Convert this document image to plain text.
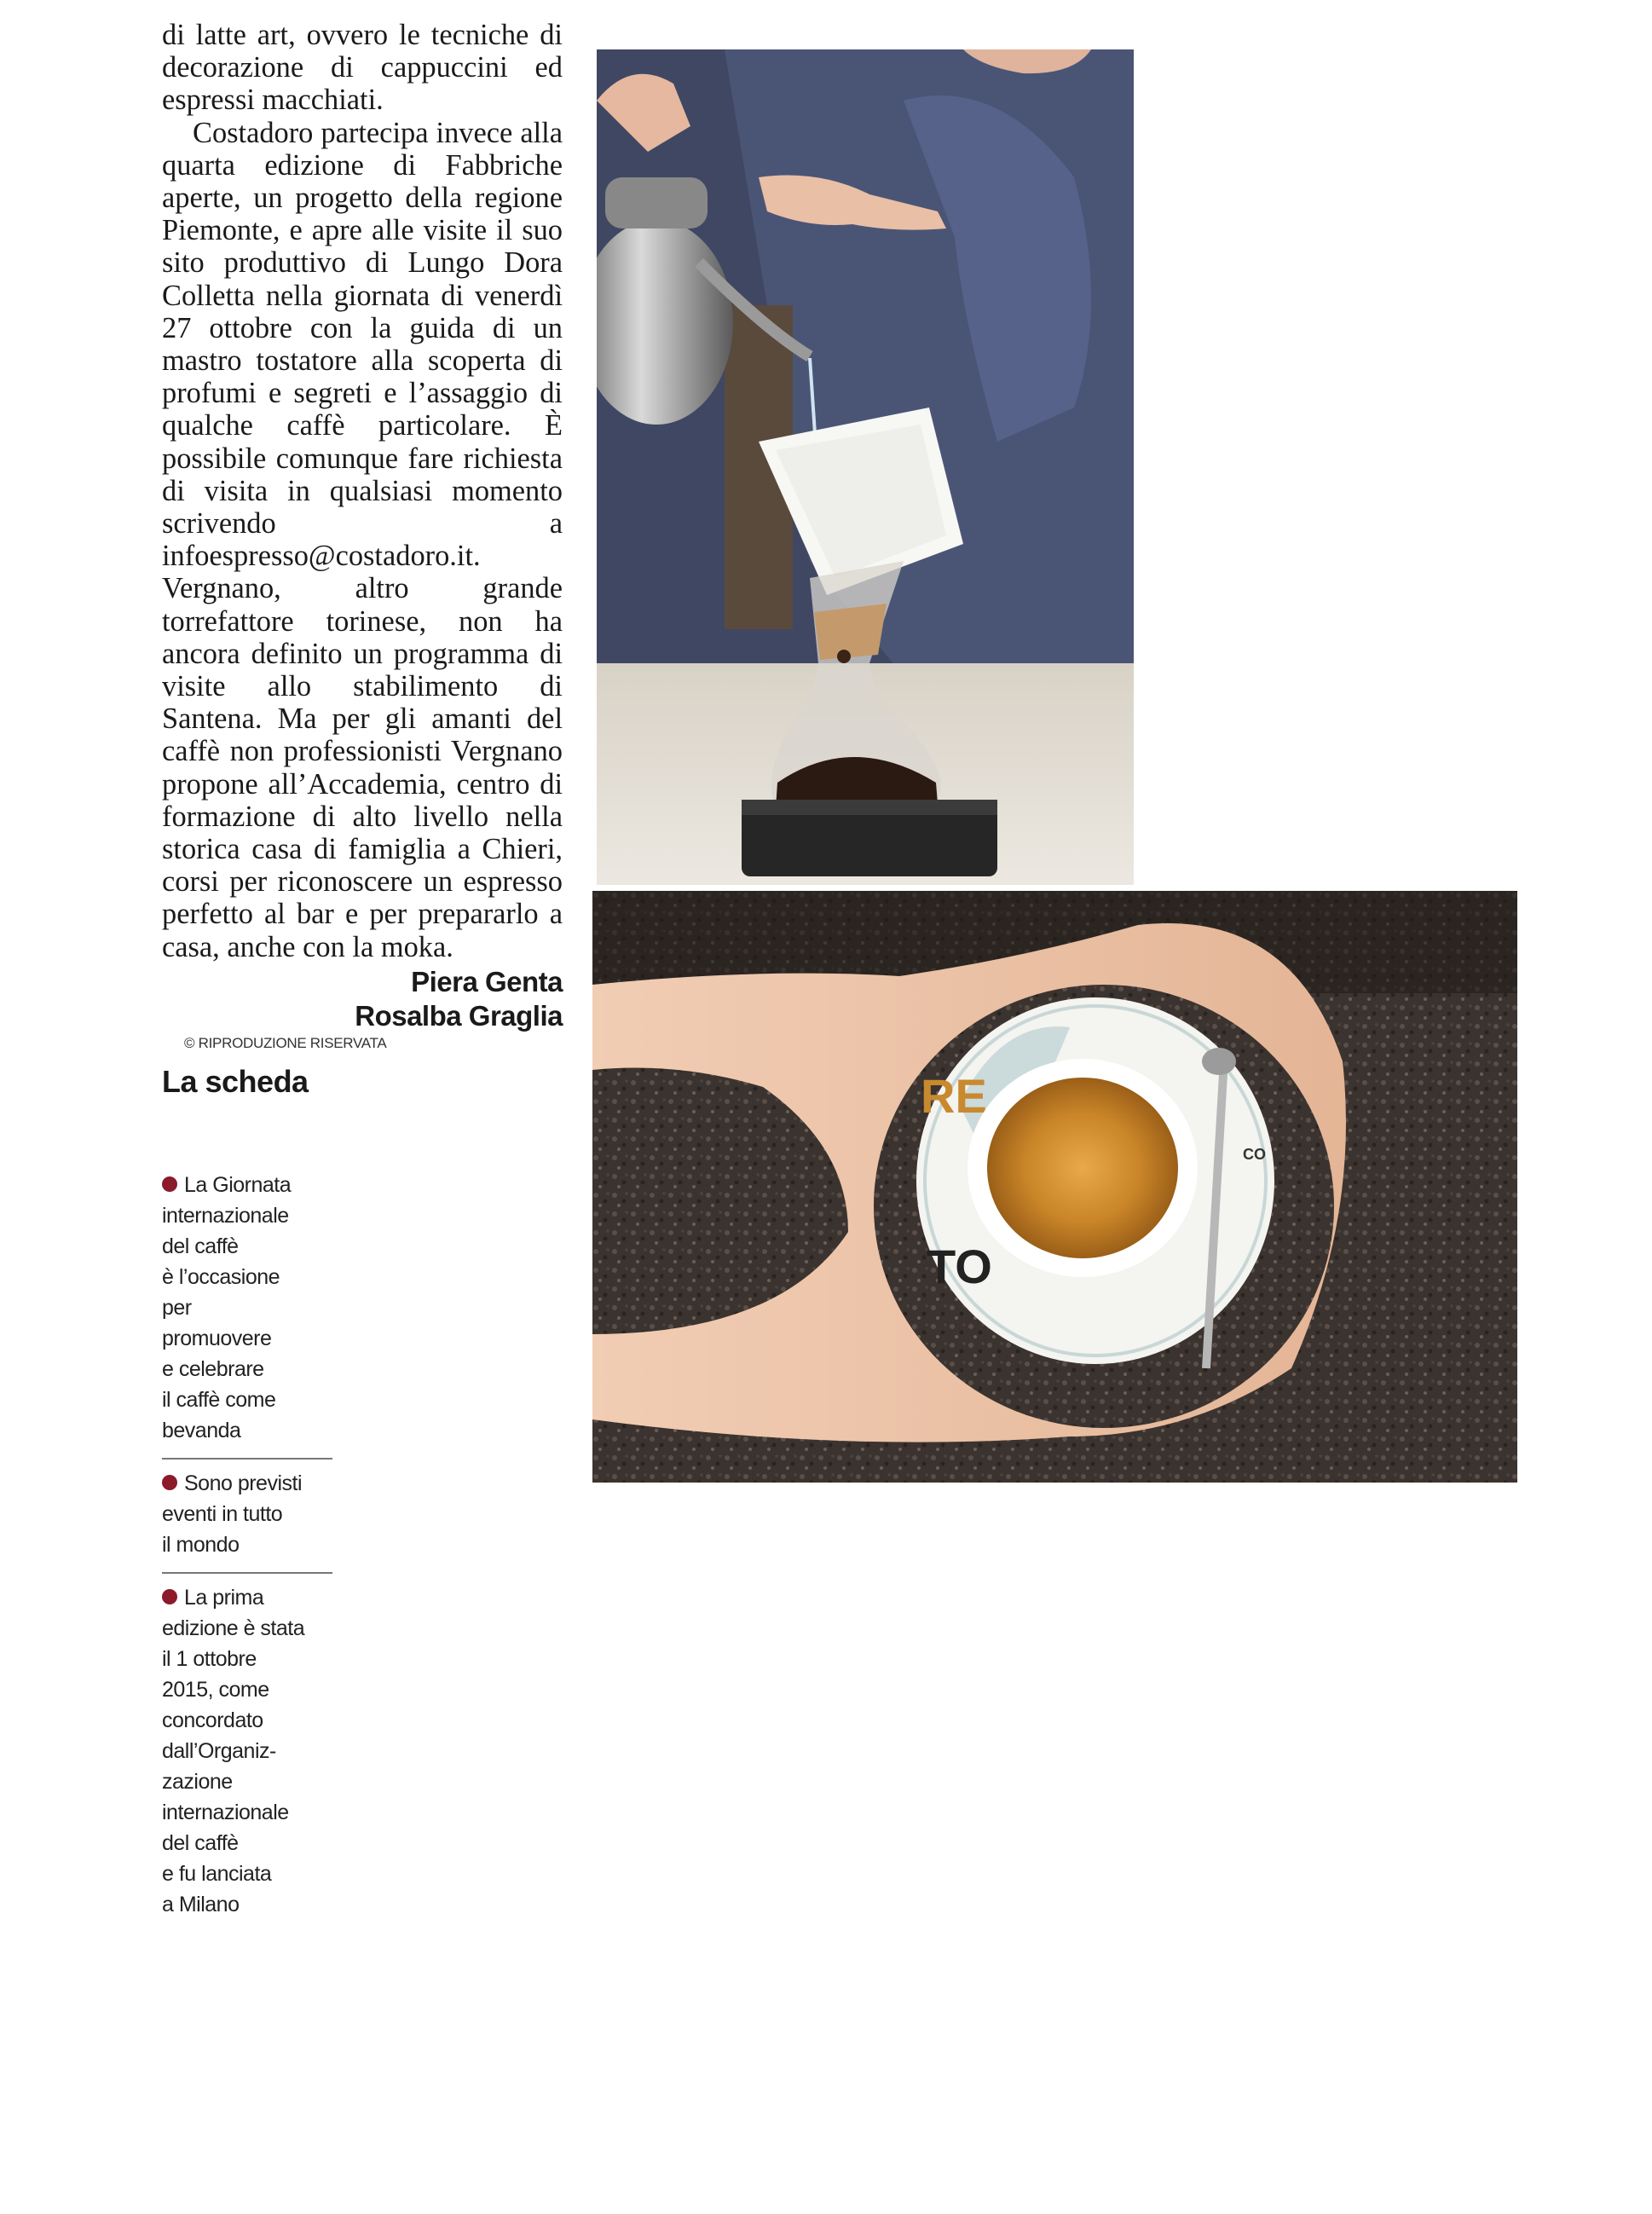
di latte art, ovvero le tecniche di decorazione di cappuccini ed espressi macchiati.

Costadoro partecipa invece alla quarta edizione di Fabbriche aperte, un progetto della regione Piemonte, e apre alle visite il suo sito produttivo di Lungo Dora Colletta nella giornata di venerdì 27 ottobre con la guida di un mastro tostatore alla scoperta di profumi e segreti e l’assaggio di qualche caffè particolare. È possibile comunque fare richiesta di visita in qualsiasi momento scrivendo a infoespresso@costadoro.it. Vergnano, altro grande torrefattore torinese, non ha ancora definito un programma di visite allo stabilimento di Santena. Ma per gli amanti del caffè non professionisti Vergnano propone all’Accademia, centro di formazione di alto livello nella storica casa di famiglia a Chieri, corsi per riconoscere un espresso perfetto al bar e per prepararlo a casa, anche con la moka.

Piera Genta
Rosalba Graglia
© RIPRODUZIONE RISERVATA
La scheda
La Giornata
internazionale
del caffè
è l’occasione
per
promuovere
e celebrare
il caffè come
bevanda
Sono previsti
eventi in tutto
il mondo
La prima
edizione è stata
il 1 ottobre
2015, come
concordato
dall’Organiz-
zazione
internazionale
del caffè
e fu lanciata
a Milano
RE
TO
CO
